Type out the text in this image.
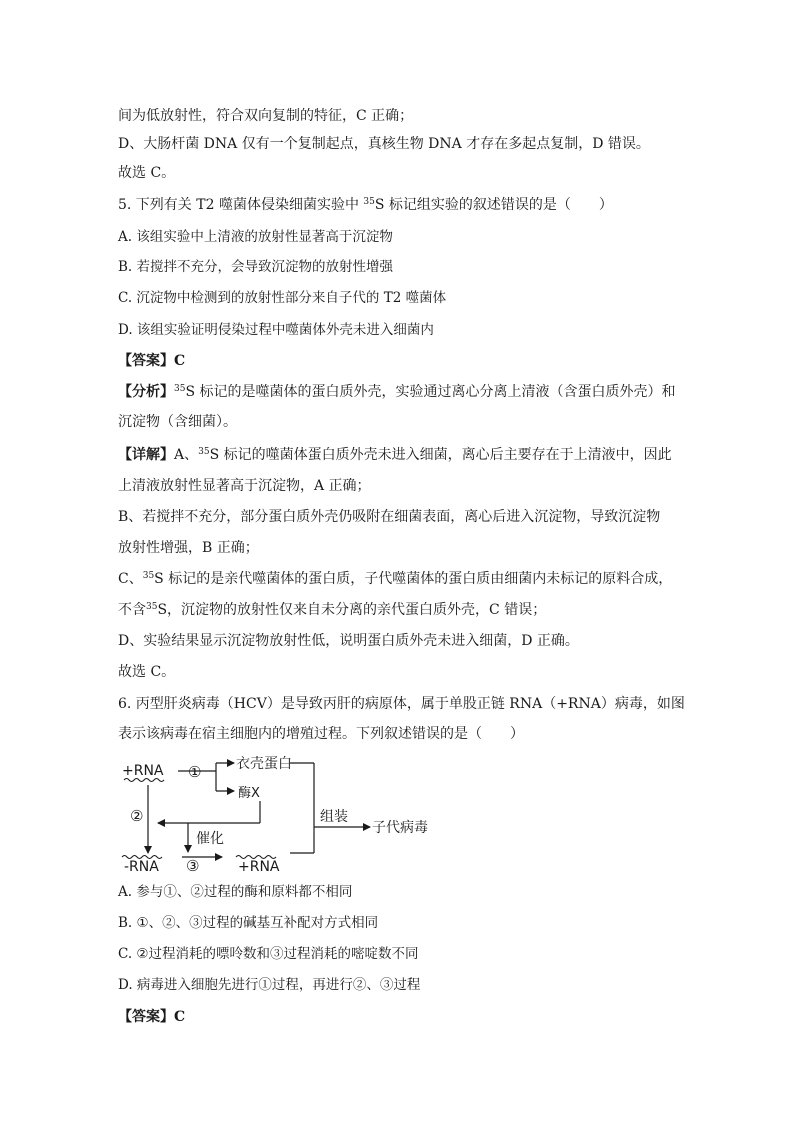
间为低放射性，符合双向复制的特征，C 正确；
D、大肠杆菌 DNA 仅有一个复制起点，真核生物 DNA 才存在多起点复制，D 错误。
故选 C。
5. 下列有关 T2 噬菌体侵染细菌实验中 $^{35}$S 标记组实验的叙述错误的是（　　）
A. 该组实验中上清液的放射性显著高于沉淀物
B. 若搅拌不充分，会导致沉淀物的放射性增强
C. 沉淀物中检测到的放射性部分来自子代的 T2 噬菌体
D. 该组实验证明侵染过程中噬菌体外壳未进入细菌内
【答案】C
【分析】$^{35}$S 标记的是噬菌体的蛋白质外壳，实验通过离心分离上清液（含蛋白质外壳）和
沉淀物（含细菌）。
【详解】A、$^{35}$S 标记的噬菌体蛋白质外壳未进入细菌，离心后主要存在于上清液中，因此
上清液放射性显著高于沉淀物，A 正确；
B、若搅拌不充分，部分蛋白质外壳仍吸附在细菌表面，离心后进入沉淀物，导致沉淀物
放射性增强，B 正确；
C、$^{35}$S 标记的是亲代噬菌体的蛋白质，子代噬菌体的蛋白质由细菌内未标记的原料合成，
不含$^{35}$S，沉淀物的放射性仅来自未分离的亲代蛋白质外壳，C 错误；
D、实验结果显示沉淀物放射性低，说明蛋白质外壳未进入细菌，D 正确。
故选 C。
6. 丙型肝炎病毒（HCV）是导致丙肝的病原体，属于单股正链 RNA（+RNA）病毒，如图
表示该病毒在宿主细胞内的增殖过程。下列叙述错误的是（　　）
+RNA ① 衣壳蛋白
酶X
②
催化
-RNA ③	+RNA
组装
子代病毒
A. 参与①、②过程的酶和原料都不相同
B. ①、②、③过程的碱基互补配对方式相同
C. ②过程消耗的嘌呤数和③过程消耗的嘧啶数不同
D. 病毒进入细胞先进行①过程，再进行②、③过程
【答案】C
